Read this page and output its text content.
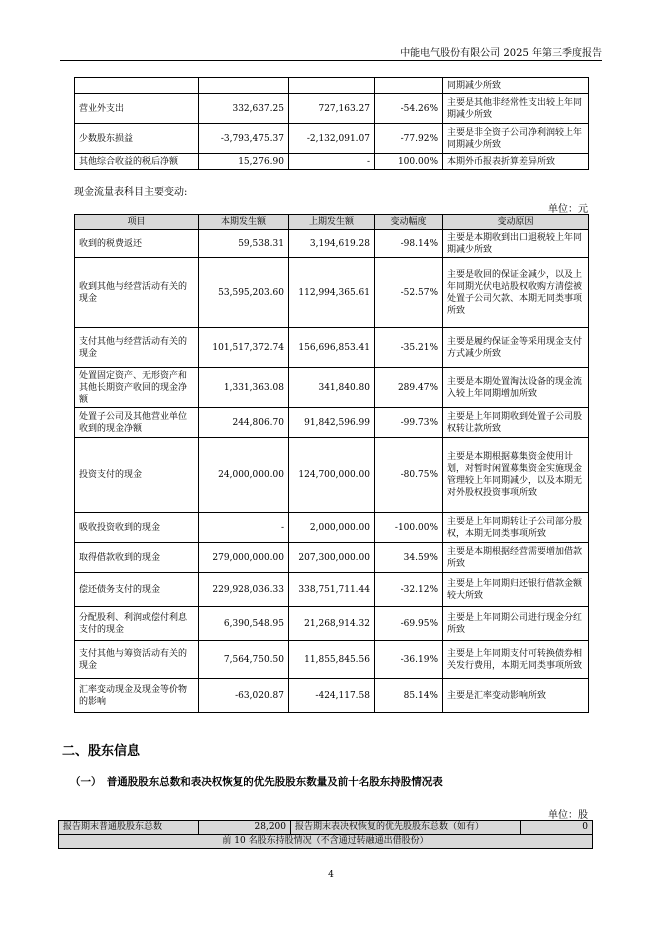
中能电气股份有限公司 2025 年第三季度报告
				同期减少所致
营业外支出	332,637.25	727,163.27	-54.26%	主要是其他非经常性支出较上年同期减少所致
少数股东损益	-3,793,475.37	-2,132,091.07	-77.92%	主要是非全资子公司净利润较上年同期减少所致
其他综合收益的税后净额	15,276.90	-	100.00%	本期外币报表折算差异所致
现金流量表科目主要变动:
单位：元
项目	本期发生额	上期发生额	变动幅度	变动原因
收到的税费返还	59,538.31	3,194,619.28	-98.14%	主要是本期收到出口退税较上年同期减少所致
收到其他与经营活动有关的现金	53,595,203.60	112,994,365.61	-52.57%	主要是收回的保证金减少，以及上年同期光伏电站股权收购方清偿被处置子公司欠款、本期无同类事项所致
支付其他与经营活动有关的现金	101,517,372.74	156,696,853.41	-35.21%	主要是履约保证金等采用现金支付方式减少所致
处置固定资产、无形资产和其他长期资产收回的现金净额	1,331,363.08	341,840.80	289.47%	主要是本期处置淘汰设备的现金流入较上年同期增加所致
处置子公司及其他营业单位收到的现金净额	244,806.70	91,842,596.99	-99.73%	主要是上年同期收到处置子公司股权转让款所致
投资支付的现金	24,000,000.00	124,700,000.00	-80.75%	主要是本期根据募集资金使用计划，对暂时闲置募集资金实施现金管理较上年同期减少，以及本期无对外股权投资事项所致
吸收投资收到的现金	-	2,000,000.00	-100.00%	主要是上年同期转让子公司部分股权，本期无同类事项所致
取得借款收到的现金	279,000,000.00	207,300,000.00	34.59%	主要是本期根据经营需要增加借款所致
偿还债务支付的现金	229,928,036.33	338,751,711.44	-32.12%	主要是上年同期归还银行借款金额较大所致
分配股利、利润或偿付利息支付的现金	6,390,548.95	21,268,914.32	-69.95%	主要是上年同期公司进行现金分红所致
支付其他与筹资活动有关的现金	7,564,750.50	11,855,845.56	-36.19%	主要是上年同期支付可转换债券相关发行费用，本期无同类事项所致
汇率变动现金及现金等价物的影响	-63,020.87	-424,117.58	85.14%	主要是汇率变动影响所致
二、股东信息
（一）　普通股股东总数和表决权恢复的优先股股东数量及前十名股东持股情况表
单位：股
报告期末普通股股东总数	28,200	报告期末表决权恢复的优先股股东总数（如有）	0
前 10 名股东持股情况（不含通过转融通出借股份）
4
